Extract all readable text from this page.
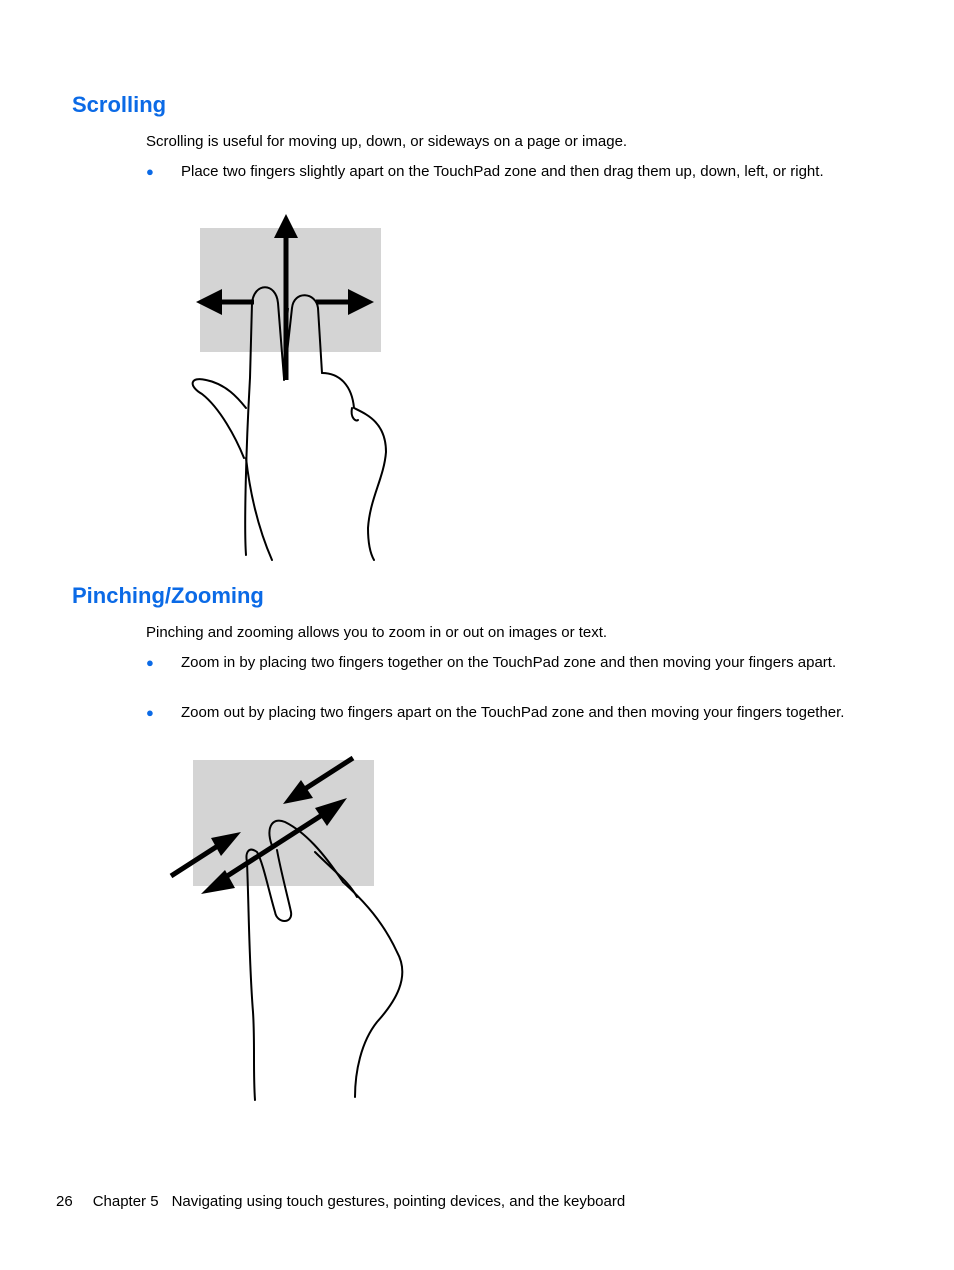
Scrolling

Scrolling is useful for moving up, down, or sideways on a page or image.

● Place two fingers slightly apart on the TouchPad zone and then drag them up, down, left, or right.
Pinching/Zooming

Pinching and zooming allows you to zoom in or out on images or text.

● Zoom in by placing two fingers together on the TouchPad zone and then moving your fingers apart.
● Zoom out by placing two fingers apart on the TouchPad zone and then moving your fingers together.
26 Chapter 5 Navigating using touch gestures, pointing devices, and the keyboard
